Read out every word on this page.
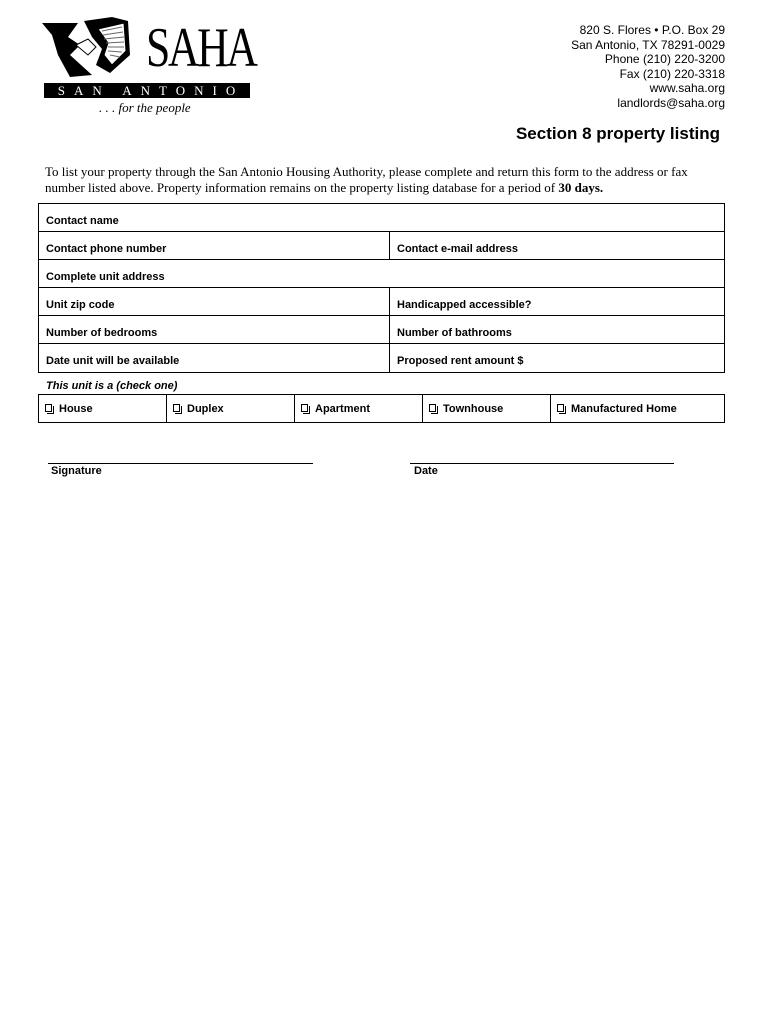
SAHA
SAN ANTONIO
. . . for the people
820 S. Flores • P.O. Box 29
San Antonio, TX 78291-0029
Phone (210) 220-3200
Fax (210) 220-3318
www.saha.org
landlords@saha.org
Section 8 property listing
To list your property through the San Antonio Housing Authority, please complete and return this form to the address or fax number listed above. Property information remains on the property listing database for a period of 30 days.
Contact name
Contact phone number	Contact e-mail address
Complete unit address
Unit zip code	Handicapped accessible?
Number of bedrooms	Number of bathrooms
Date unit will be available	Proposed rent amount $
This unit is a (check one)
House	Duplex	Apartment	Townhouse	Manufactured Home
Signature	Date
